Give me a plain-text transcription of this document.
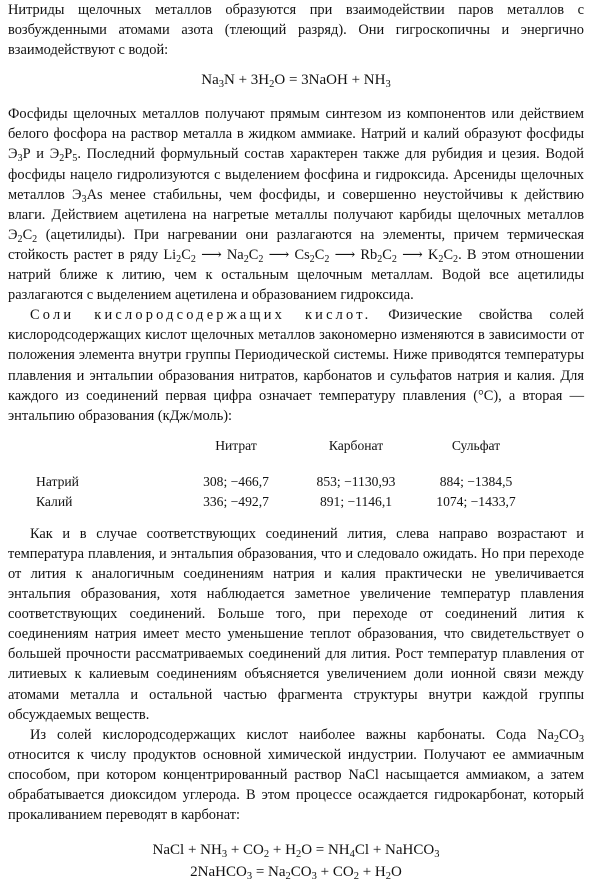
Нитриды щелочных металлов образуются при взаимодействии паров металлов с возбужденными атомами азота (тлеющий разряд). Они гигроскопичны и энергично взаимодействуют с водой:

$Na_3N + 3H_2O$ = 3NaOH + $NH_3$

Фосфиды щелочных металлов получают прямым синтезом из компонентов или действием белого фосфора на раствор металла в жидком аммиаке. Натрий и калий образуют фосфиды $Э_3Р$ и $Э_2Р_5$. Последний формульный состав характерен также для рубидия и цезия. Водой фосфиды нацело гидролизуются с выделением фосфина и гидроксида. Арсениды щелочных металлов $Э_3As$ менее стабильны, чем фосфиды, и совершенно неустойчивы к действию влаги. Действием ацетилена на нагретые металлы получают карбиды щелочных металлов $Э_2С_2$ (ацетилиды). При нагревании они разлагаются на элементы, причем термическая стойкость растет в ряду $Li_2C_2$ ⟶ $Na_2C_2$ ⟶ $Cs_2C_2$ ⟶ $Rb_2C_2$ ⟶ $K_2C_2$. В этом отношении натрий ближе к литию, чем к остальным щелочным металлам. Водой все ацетилиды разлагаются с выделением ацетилена и образованием гидроксида.

Соли кислородсодержащих кислот. Физические свойства солей кислородсодержащих кислот щелочных металлов закономерно изменяются в зависимости от положения элемента внутри группы Периодической системы. Ниже приводятся температуры плавления и энтальпии образования нитратов, карбонатов и сульфатов натрия и калия. Для каждого из соединений первая цифра означает температуру плавления (°С), а вторая — энтальпию образования (кДж/моль):

	Нитрат	Карбонат	Сульфат
Натрий	308; −466,7	853; −1130,93	884; −1384,5
Калий	336; −492,7	891; −1146,1	1074; −1433,7

Как и в случае соответствующих соединений лития, слева направо возрастают и температура плавления, и энтальпия образования, что и следовало ожидать. Но при переходе от лития к аналогичным соединениям натрия и калия практически не увеличивается энтальпия образования, хотя наблюдается заметное увеличение температур плавления соответствующих соединений. Больше того, при переходе от соединений лития к соединениям натрия имеет место уменьшение теплот образования, что свидетельствует о большей прочности рассматриваемых соединений для лития. Рост температур плавления от литиевых к калиевым соединениям объясняется увеличением доли ионной связи между атомами металла и остальной частью фрагмента структуры внутри каждой группы обсуждаемых веществ.

Из солей кислородсодержащих кислот наиболее важны карбонаты. Сода $Na_2CO_3$ относится к числу продуктов основной химической индустрии. Получают ее аммиачным способом, при котором концентрированный раствор NaCl насыщается аммиаком, а затем обрабатывается диоксидом углерода. В этом процессе осаждается гидрокарбонат, который прокаливанием переводят в карбонат:

NaCl + $NH_3 + CO_2 + H_2O = NH_4Cl$ + NaHCO$_3$

2NaHCO$_3$ = $Na_2CO_3 + CO_2 + H_2O$
